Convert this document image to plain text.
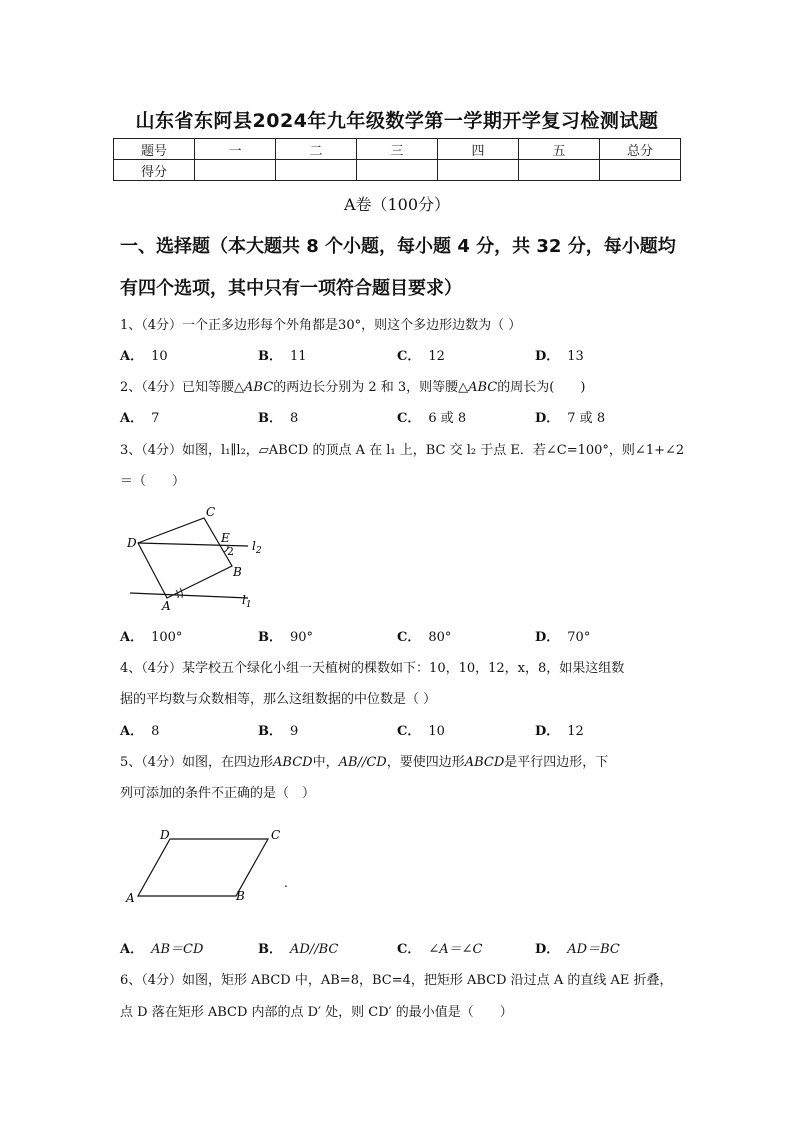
山东省东阿县2024年九年级数学第一学期开学复习检测试题
题号	一	二	三	四	五	总分
得分						
A卷（100分）
一、选择题（本大题共 8 个小题，每小题 4 分，共 32 分，每小题均
有四个选项，其中只有一项符合题目要求）
1、（4分）一个正多边形每个外角都是30°，则这个多边形边数为（ ）
A． 10	B． 11	C． 12	D． 13
2、（4分）已知等腰△ABC的两边长分别为 2 和 3，则等腰△ABC的周长为(　　)
A． 7	B． 8	C． 6 或 8	D． 7 或 8
3、（4分）如图，l₁∥l₂，▱ABCD 的顶点 A 在 l₁ 上，BC 交 l₂ 于点 E．若∠C=100°，则∠1+∠2
＝（　　）
C
D	E
2 $l_2$
B
$l_1$
A
A． 100°	B． 90°	C． 80°	D． 70°
4、（4分）某学校五个绿化小组一天植树的棵数如下：10，10，12，x，8，如果这组数
据的平均数与众数相等，那么这组数据的中位数是（ ）
A． 8	B． 9	C． 10	D． 12
5、（4分）如图，在四边形ABCD中，AB//CD，要使四边形ABCD是平行四边形，下
列可添加的条件不正确的是（　）
D	C
A	B
.
A． AB＝CD	B． AD//BC	C． ∠A＝∠C	D． AD＝BC
6、（4分）如图，矩形 ABCD 中，AB=8，BC=4，把矩形 ABCD 沿过点 A 的直线 AE 折叠，
点 D 落在矩形 ABCD 内部的点 D′ 处，则 CD′ 的最小值是（　　）
